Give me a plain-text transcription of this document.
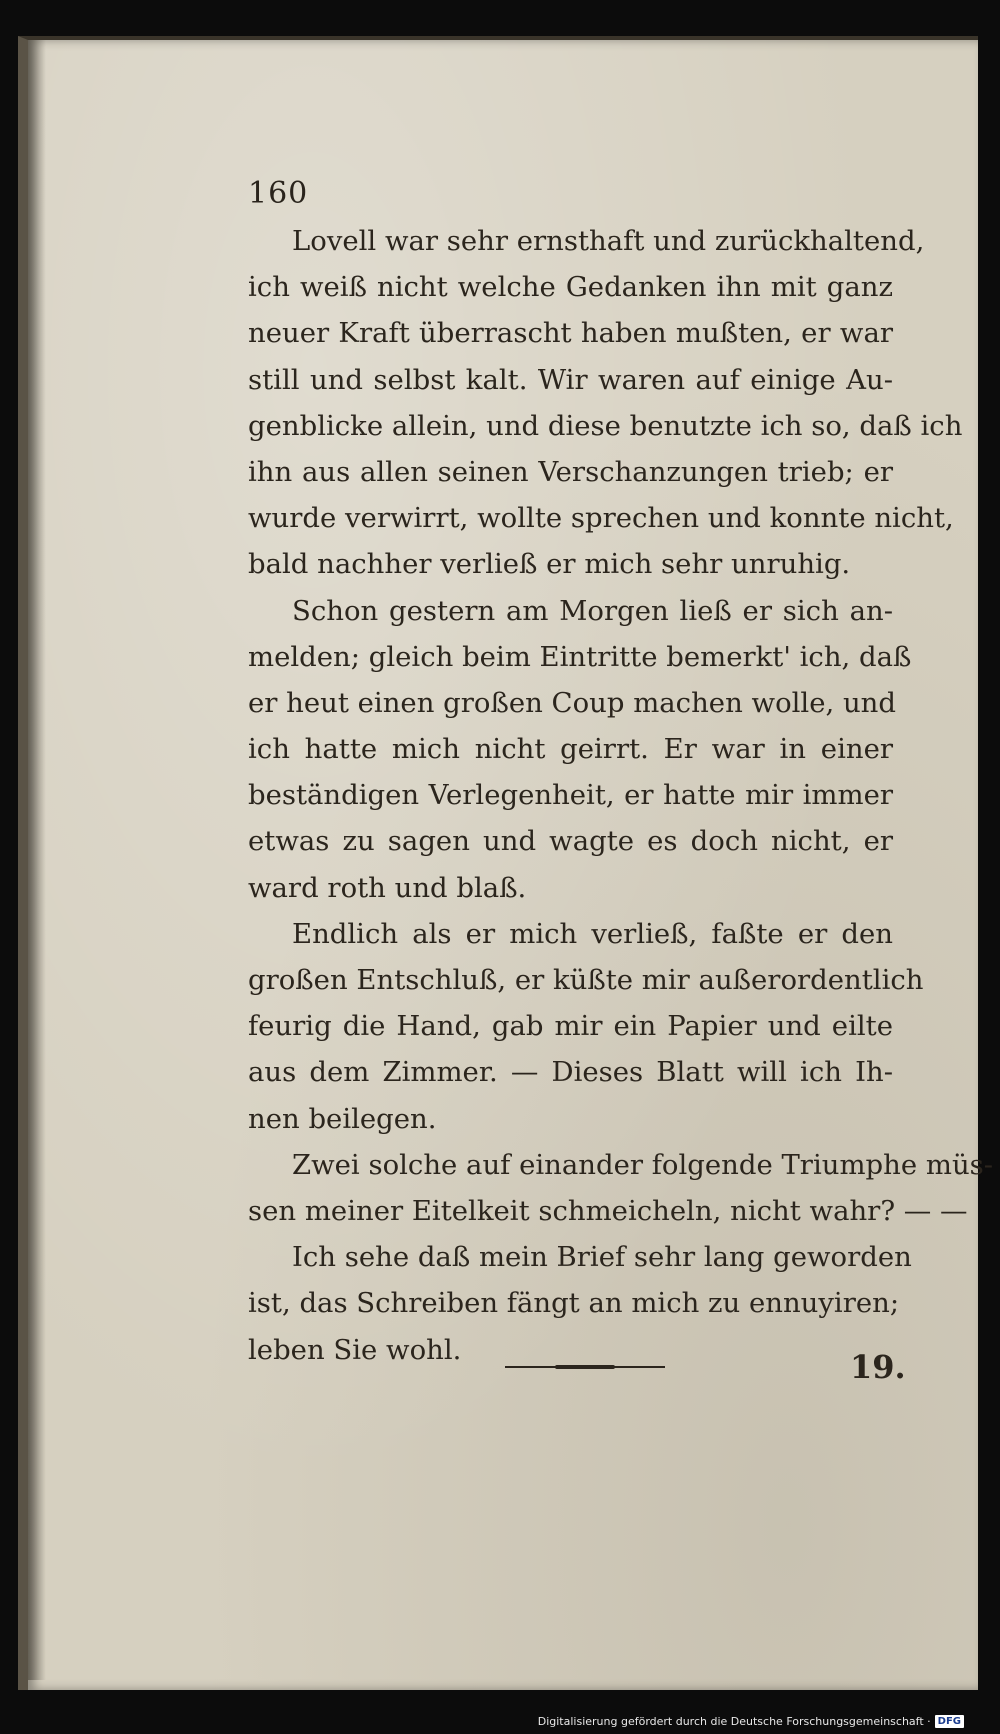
160
Lovell war sehr ernsthaft und zurückhaltend,
ich weiß nicht welche Gedanken ihn mit ganz
neuer Kraft überrascht haben mußten, er war
still und selbst kalt. Wir waren auf einige Au-
genblicke allein, und diese benutzte ich so, daß ich
ihn aus allen seinen Verschanzungen trieb; er
wurde verwirrt, wollte sprechen und konnte nicht,
bald nachher verließ er mich sehr unruhig.
Schon gestern am Morgen ließ er sich an-
melden; gleich beim Eintritte bemerkt' ich, daß
er heut einen großen Coup machen wolle, und
ich hatte mich nicht geirrt. Er war in einer
beständigen Verlegenheit, er hatte mir immer
etwas zu sagen und wagte es doch nicht, er
ward roth und blaß.
Endlich als er mich verließ, faßte er den
großen Entschluß, er küßte mir außerordentlich
feurig die Hand, gab mir ein Papier und eilte
aus dem Zimmer. — Dieses Blatt will ich Ih-
nen beilegen.
Zwei solche auf einander folgende Triumphe müs-
sen meiner Eitelkeit schmeicheln, nicht wahr? — —
Ich sehe daß mein Brief sehr lang geworden
ist, das Schreiben fängt an mich zu ennuyiren;
leben Sie wohl.	19.
Digitalisierung gefördert durch die Deutsche Forschungsgemeinschaft · DFG
